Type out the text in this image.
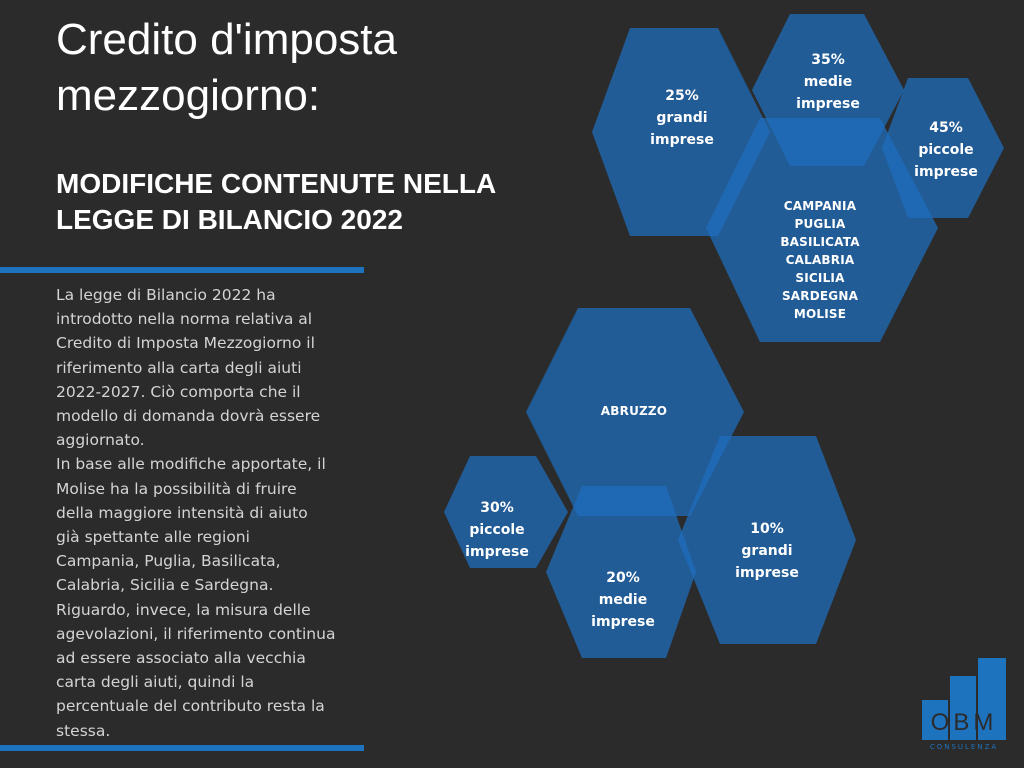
Credito d'imposta
mezzogiorno:
MODIFICHE CONTENUTE NELLA
LEGGE DI BILANCIO 2022

La legge di Bilancio 2022 ha
introdotto nella norma relativa al
Credito di Imposta Mezzogiorno il
riferimento alla carta degli aiuti
2022-2027. Ciò comporta che il
modello di domanda dovrà essere
aggiornato.
In base alle modifiche apportate, il
Molise ha la possibilità di fruire
della maggiore intensità di aiuto
già spettante alle regioni
Campania, Puglia, Basilicata,
Calabria, Sicilia e Sardegna.
Riguardo, invece, la misura delle
agevolazioni, il riferimento continua
ad essere associato alla vecchia
carta degli aiuti, quindi la
percentuale del contributo resta la
stessa.

25%
grandi
imprese
35%
medie
imprese
45%
piccole
imprese
CAMPANIA
PUGLIA
BASILICATA
CALABRIA
SICILIA
SARDEGNA
MOLISE
ABRUZZO
30%
piccole
imprese
20%
medie
imprese
10%
grandi
imprese
OBM
CONSULENZA
